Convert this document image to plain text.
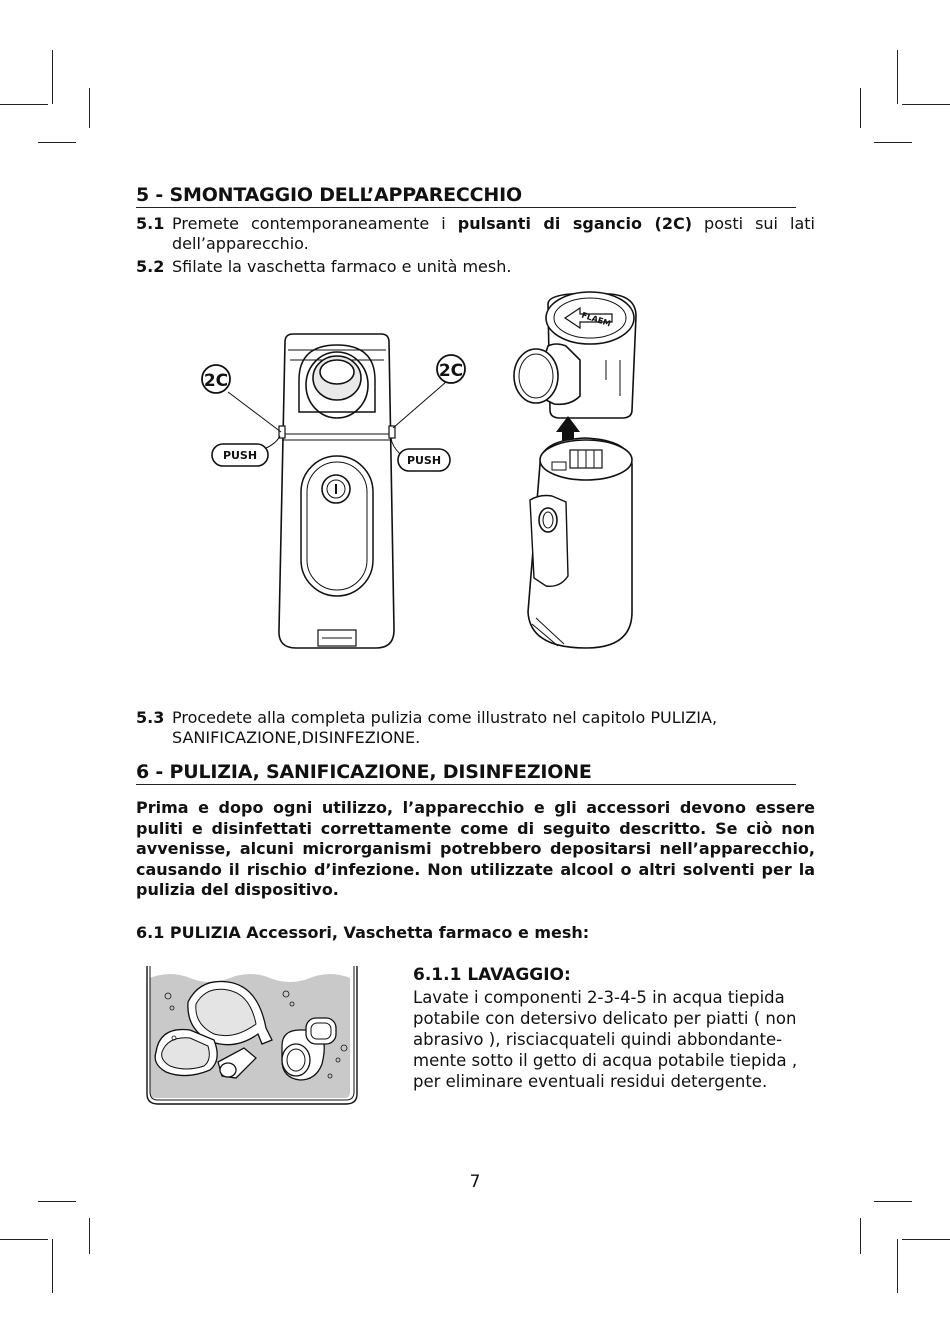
5 - SMONTAGGIO DELL’APPARECCHIO
5.1 Premete contemporaneamente i pulsanti di sgancio (2C) posti sui lati
dell’apparecchio.
5.2 Sfilate la vaschetta farmaco e unità mesh.
2C	2C
PUSH	PUSH
FLAEM
5.3 Procedete alla completa pulizia come illustrato nel capitolo PULIZIA,
SANIFICAZIONE,DISINFEZIONE.
6 - PULIZIA, SANIFICAZIONE, DISINFEZIONE
Prima e dopo ogni utilizzo, l’apparecchio e gli accessori devono essere puliti e disinfettati correttamente come di seguito descritto. Se ciò non avvenisse, alcuni microrganismi potrebbero depositarsi nell’apparecchio, causando il rischio d’infezione. Non utilizzate alcool o altri solventi per la pulizia del dispositivo.
6.1 PULIZIA Accessori, Vaschetta farmaco e mesh:
6.1.1 LAVAGGIO:
Lavate i componenti 2-3-4-5 in acqua tiepida
potabile con detersivo delicato per piatti ( non
abrasivo ), risciacquateli quindi abbondante-
mente sotto il getto di acqua potabile tiepida ,
per eliminare eventuali residui detergente.
7
